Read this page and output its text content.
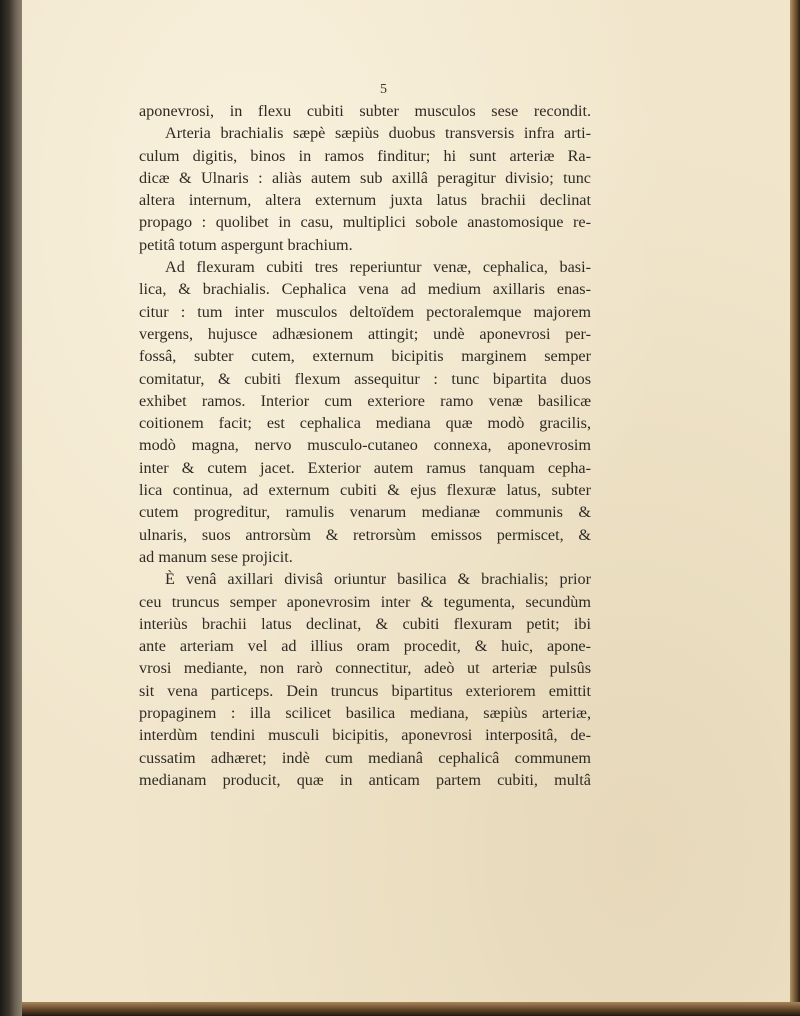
5
aponevrosi, in flexu cubiti subter musculos sese recondit.
Arteria brachialis sæpè sæpiùs duobus transversis infra arti-
culum digitis, binos in ramos finditur; hi sunt arteriæ Ra-
dicæ & Ulnaris : aliàs autem sub axillâ peragitur divisio; tunc
altera internum, altera externum juxta latus brachii declinat
propago : quolibet in casu, multiplici sobole anastomosique re-
petitâ totum aspergunt brachium.
Ad flexuram cubiti tres reperiuntur venæ, cephalica, basi-
lica, & brachialis. Cephalica vena ad medium axillaris enas-
citur : tum inter musculos deltoïdem pectoralemque majorem
vergens, hujusce adhæsionem attingit; undè aponevrosi per-
fossâ, subter cutem, externum bicipitis marginem semper
comitatur, & cubiti flexum assequitur : tunc bipartita duos
exhibet ramos. Interior cum exteriore ramo venæ basilicæ
coitionem facit; est cephalica mediana quæ modò gracilis,
modò magna, nervo musculo-cutaneo connexa, aponevrosim
inter & cutem jacet. Exterior autem ramus tanquam cepha-
lica continua, ad externum cubiti & ejus flexuræ latus, subter
cutem progreditur, ramulis venarum medianæ communis &
ulnaris, suos antrorsùm & retrorsùm emissos permiscet, &
ad manum sese projicit.
È venâ axillari divisâ oriuntur basilica & brachialis; prior
ceu truncus semper aponevrosim inter & tegumenta, secundùm
interiùs brachii latus declinat, & cubiti flexuram petit; ibi
ante arteriam vel ad illius oram procedit, & huic, apone-
vrosi mediante, non rarò connectitur, adeò ut arteriæ pulsûs
sit vena particeps. Dein truncus bipartitus exteriorem emittit
propaginem : illa scilicet basilica mediana, sæpiùs arteriæ,
interdùm tendini musculi bicipitis, aponevrosi interpositâ, de-
cussatim adhæret; indè cum medianâ cephalicâ communem
medianam producit, quæ in anticam partem cubiti, multâ
